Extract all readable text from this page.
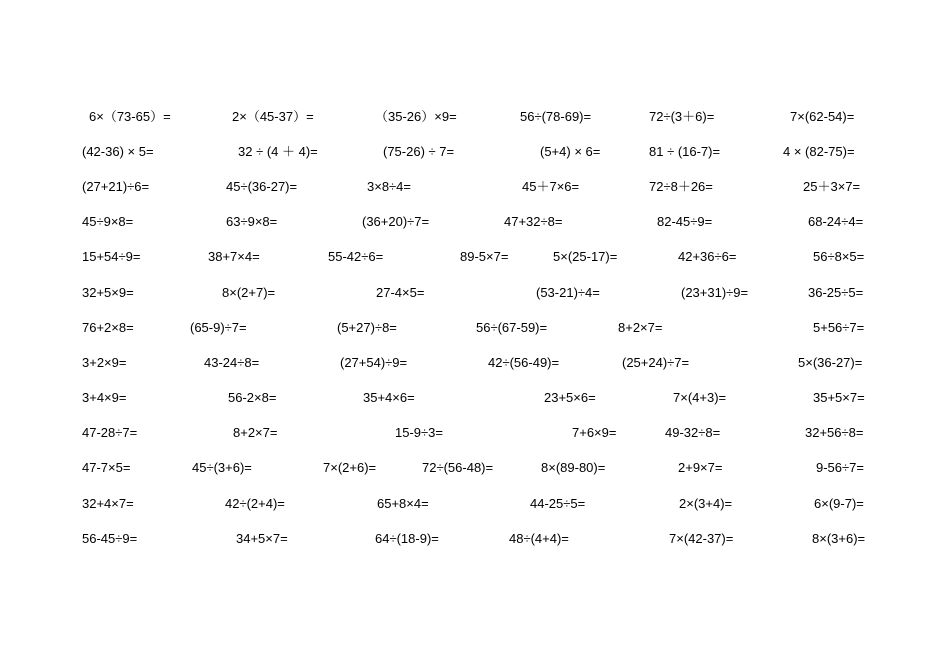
6×（73-65）=	2×（45-37）=	（35-26）×9=	56÷(78-69)=	72÷(3＋6)=	7×(62-54)=
(42-36) × 5=	32 ÷ (4 ＋ 4)=	(75-26) ÷ 7=	(5+4) × 6=	81 ÷ (16-7)=	4 × (82-75)=
(27+21)÷6=	45÷(36-27)=	3×8÷4=	45＋7×6=	72÷8＋26=	25＋3×7=
45÷9×8=	63÷9×8=	(36+20)÷7=	47+32÷8=	82-45÷9=	68-24÷4=
15+54÷9=	38+7×4=	55-42÷6=	89-5×7=	5×(25-17)=	42+36÷6=	56÷8×5=
32+5×9=	8×(2+7)=	27-4×5=	(53-21)÷4=	(23+31)÷9=	36-25÷5=
76+2×8=	(65-9)÷7=	(5+27)÷8=	56÷(67-59)=	8+2×7=	5+56÷7=
3+2×9=	43-24÷8=	(27+54)÷9=	42÷(56-49)=	(25+24)÷7=	5×(36-27)=
3+4×9=	56-2×8=	35+4×6=	23+5×6=	7×(4+3)=	35+5×7=
47-28÷7=	8+2×7=	15-9÷3=	7+6×9=	49-32÷8=	32+56÷8=
47-7×5=	45÷(3+6)=	7×(2+6)=	72÷(56-48)=	8×(89-80)=	2+9×7=	9-56÷7=
32+4×7=	42÷(2+4)=	65+8×4=	44-25÷5=	2×(3+4)=	6×(9-7)=
56-45÷9=	34+5×7=	64÷(18-9)=	48÷(4+4)=	7×(42-37)=	8×(3+6)=
